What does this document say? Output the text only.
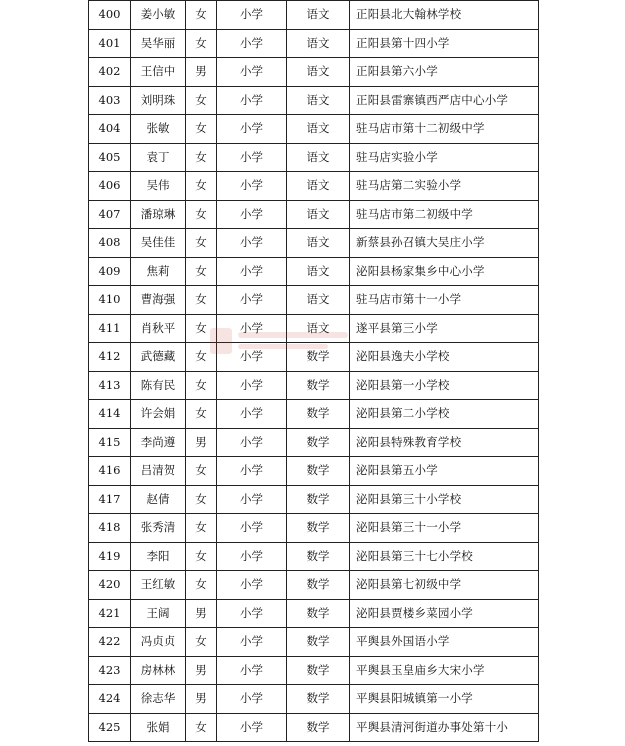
400	姜小敏	女	小学	语文	正阳县北大翰林学校
401	吴华丽	女	小学	语文	正阳县第十四小学
402	王信中	男	小学	语文	正阳县第六小学
403	刘明珠	女	小学	语文	正阳县雷寨镇西严店中心小学
404	张敏	女	小学	语文	驻马店市第十二初级中学
405	袁丁	女	小学	语文	驻马店实验小学
406	吴伟	女	小学	语文	驻马店第二实验小学
407	潘琼琳	女	小学	语文	驻马店市第二初级中学
408	吴佳佳	女	小学	语文	新蔡县孙召镇大吴庄小学
409	焦莉	女	小学	语文	泌阳县杨家集乡中心小学
410	曹海强	女	小学	语文	驻马店市第十一小学
411	肖秋平	女	小学	语文	遂平县第三小学
412	武德藏	女	小学	数学	泌阳县逸夫小学校
413	陈有民	女	小学	数学	泌阳县第一小学校
414	许会娟	女	小学	数学	泌阳县第二小学校
415	李尚遵	男	小学	数学	泌阳县特殊教育学校
416	吕清贺	女	小学	数学	泌阳县第五小学
417	赵倩	女	小学	数学	泌阳县第三十小学校
418	张秀清	女	小学	数学	泌阳县第三十一小学
419	李阳	女	小学	数学	泌阳县第三十七小学校
420	王红敏	女	小学	数学	泌阳县第七初级中学
421	王阔	男	小学	数学	泌阳县贾楼乡菜园小学
422	冯贞贞	女	小学	数学	平舆县外国语小学
423	房林林	男	小学	数学	平舆县玉皇庙乡大宋小学
424	徐志华	男	小学	数学	平舆县阳城镇第一小学
425	张娟	女	小学	数学	平舆县清河街道办事处第十小
